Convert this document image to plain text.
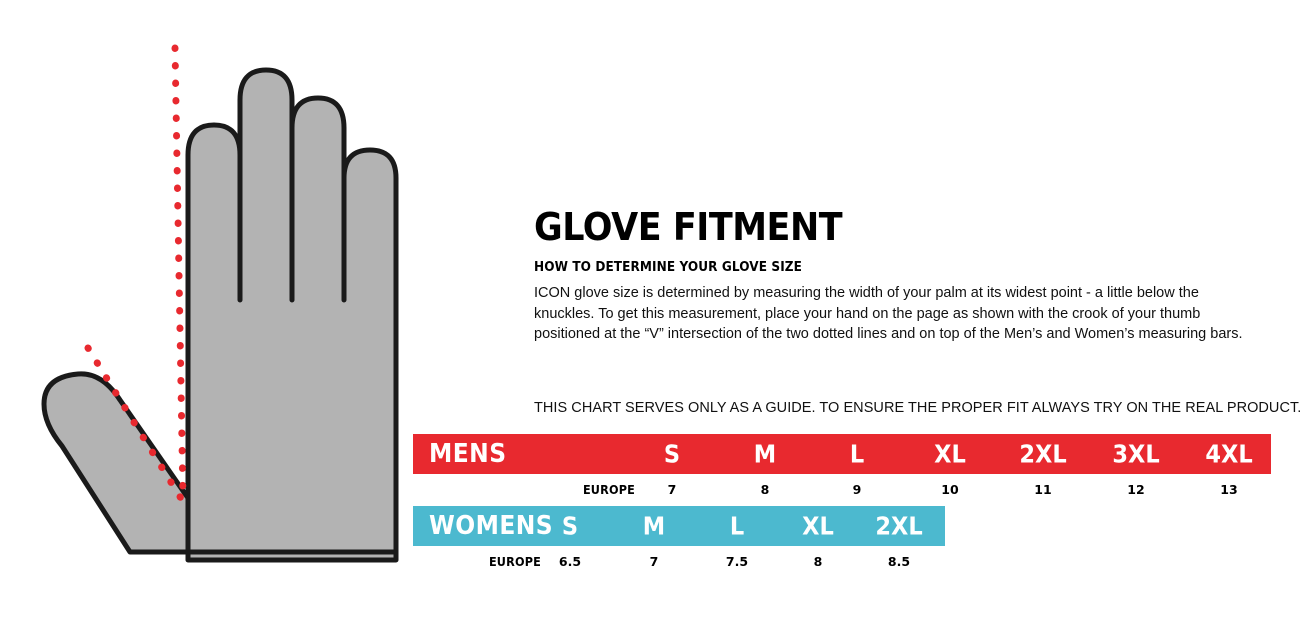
GLOVE FITMENT
HOW TO DETERMINE YOUR GLOVE SIZE

ICON glove size is determined by measuring the width of your palm at its widest point - a little below the knuckles. To get this measurement, place your hand on the page as shown with the crook of your thumb positioned at the “V” intersection of the two dotted lines and on top of the Men’s and Women’s measuring bars.

THIS CHART SERVES ONLY AS A GUIDE. TO ENSURE THE PROPER FIT ALWAYS TRY ON THE REAL PRODUCT.
MENS	S	M	L	XL 2XL 3XL 4XL
EUROPE	7	8	9	10	11	12	13
WOMENS S	M	L XL 2XL
EUROPE 6.5	7	7.5	8	8.5
